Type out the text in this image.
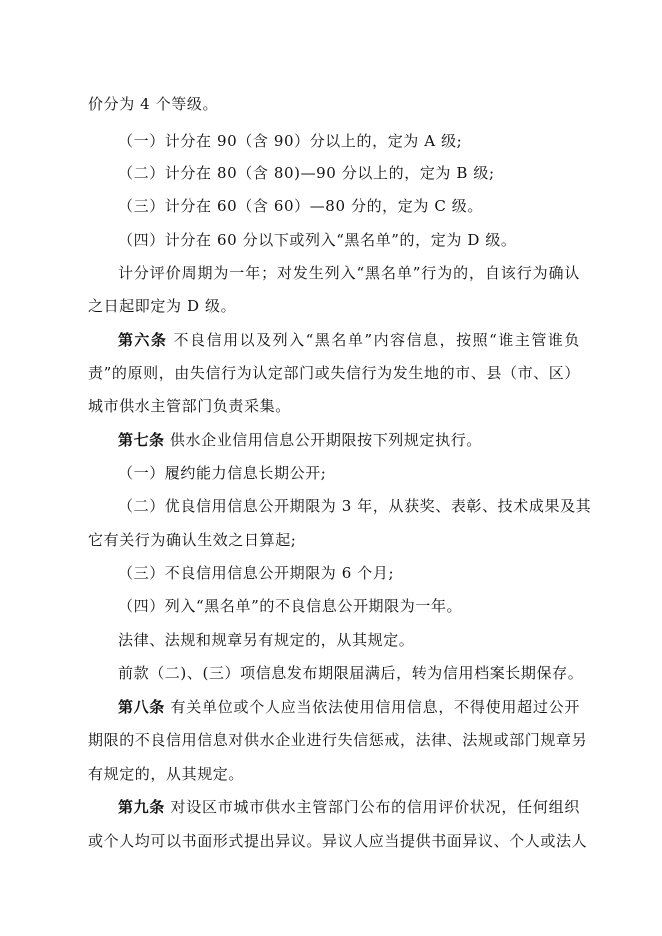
价分为 4 个等级。
（一）计分在 90（含 90）分以上的，定为 A 级;
（二）计分在 80（含 80)—90 分以上的，定为 B 级;
（三）计分在 60（含 60）—80 分的，定为 C 级。
（四）计分在 60 分以下或列入“黑名单”的，定为 D 级。
计分评价周期为一年；对发生列入“黑名单”行为的，自该行为确认
之日起即定为 D 级。
第六条 不良信用以及列入“黑名单”内容信息，按照“谁主管谁负
责”的原则，由失信行为认定部门或失信行为发生地的市、县（市、区）
城市供水主管部门负责采集。
第七条 供水企业信用信息公开期限按下列规定执行。
（一）履约能力信息长期公开;
（二）优良信用信息公开期限为 3 年，从获奖、表彰、技术成果及其
它有关行为确认生效之日算起;
（三）不良信用信息公开期限为 6 个月;
（四）列入“黑名单”的不良信息公开期限为一年。
法律、法规和规章另有规定的，从其规定。
前款（二)、(三）项信息发布期限届满后，转为信用档案长期保存。
第八条 有关单位或个人应当依法使用信用信息，不得使用超过公开
期限的不良信用信息对供水企业进行失信惩戒，法律、法规或部门规章另
有规定的，从其规定。
第九条 对设区市城市供水主管部门公布的信用评价状况，任何组织
或个人均可以书面形式提出异议。异议人应当提供书面异议、个人或法人
